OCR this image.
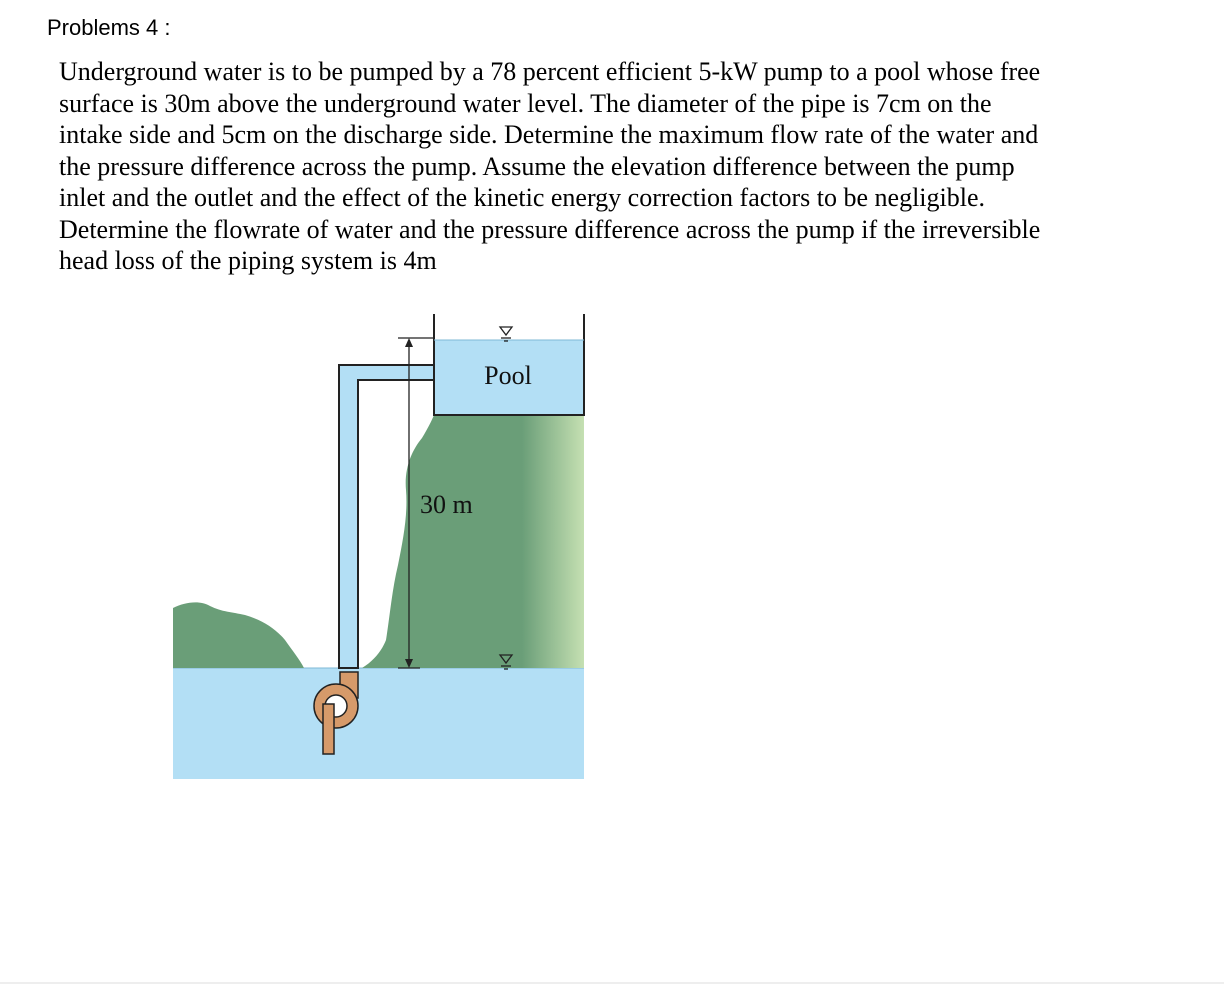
Problems 4 :
Underground water is to be pumped by a 78 percent efficient 5-kW pump to a pool whose free
surface is 30m above the underground water level. The diameter of the pipe is 7cm on the
intake side and 5cm on the discharge side. Determine the maximum flow rate of the water and
the pressure difference across the pump. Assume the elevation difference between the pump
inlet and the outlet and the effect of the kinetic energy correction factors to be negligible.
Determine the flowrate of water and the pressure difference across the pump if the irreversible
head loss of the piping system is 4m
Pool
30 m
